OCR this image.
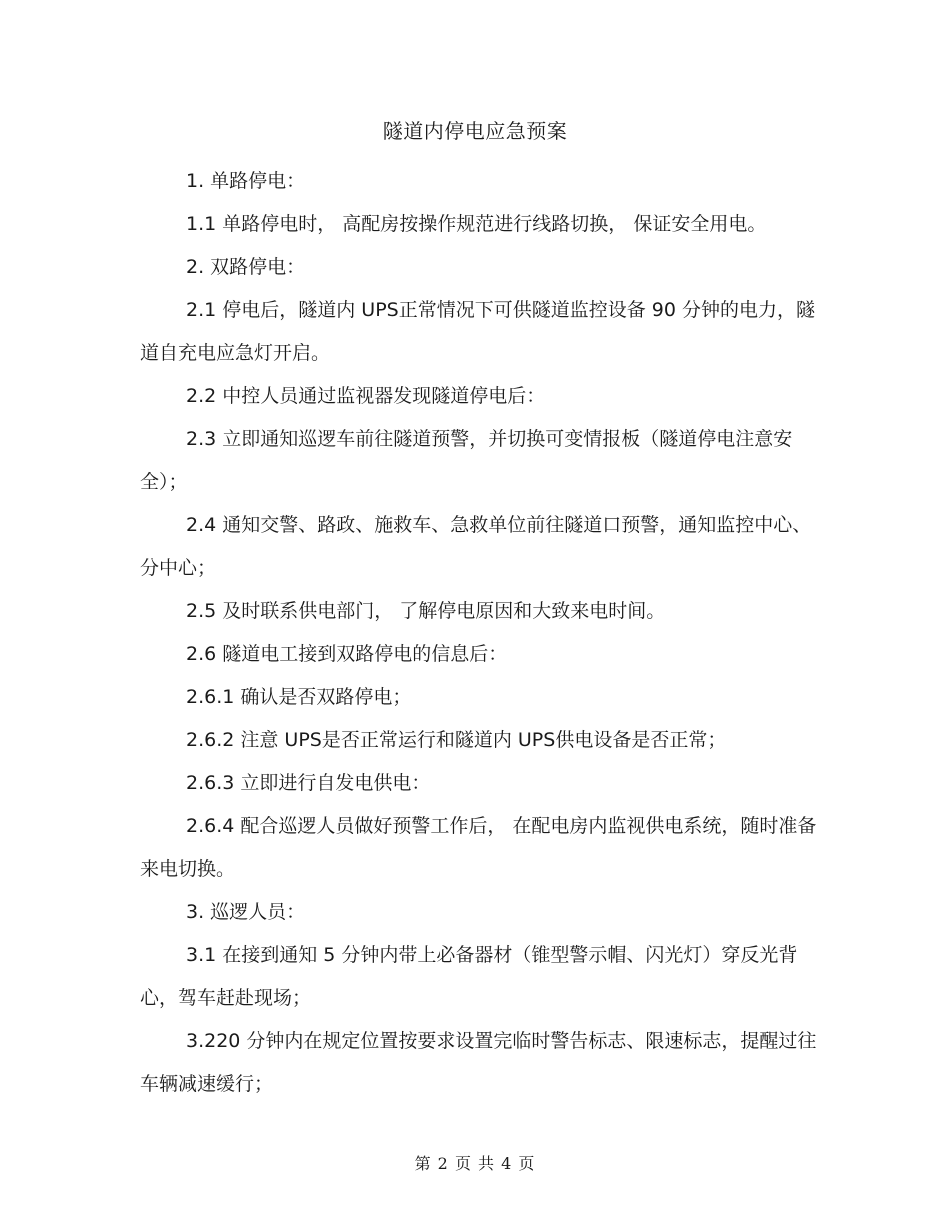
隧道内停电应急预案

1. 单路停电：

1.1 单路停电时， 高配房按操作规范进行线路切换， 保证安全用电。

2. 双路停电：

2.1 停电后，隧道内 UPS正常情况下可供隧道监控设备 90 分钟的电力，隧道自充电应急灯开启。

2.2 中控人员通过监视器发现隧道停电后：

2.3 立即通知巡逻车前往隧道预警，并切换可变情报板（隧道停电注意安全）；

2.4 通知交警、路政、施救车、急救单位前往隧道口预警，通知监控中心、分中心；

2.5 及时联系供电部门， 了解停电原因和大致来电时间。

2.6 隧道电工接到双路停电的信息后：

2.6.1 确认是否双路停电；

2.6.2 注意 UPS是否正常运行和隧道内 UPS供电设备是否正常；

2.6.3 立即进行自发电供电：

2.6.4 配合巡逻人员做好预警工作后， 在配电房内监视供电系统，随时准备来电切换。

3. 巡逻人员：

3.1 在接到通知 5 分钟内带上必备器材（锥型警示帽、闪光灯）穿反光背心，驾车赶赴现场；

3.220 分钟内在规定位置按要求设置完临时警告标志、限速标志，提醒过往车辆减速缓行；

第 2 页 共 4 页
